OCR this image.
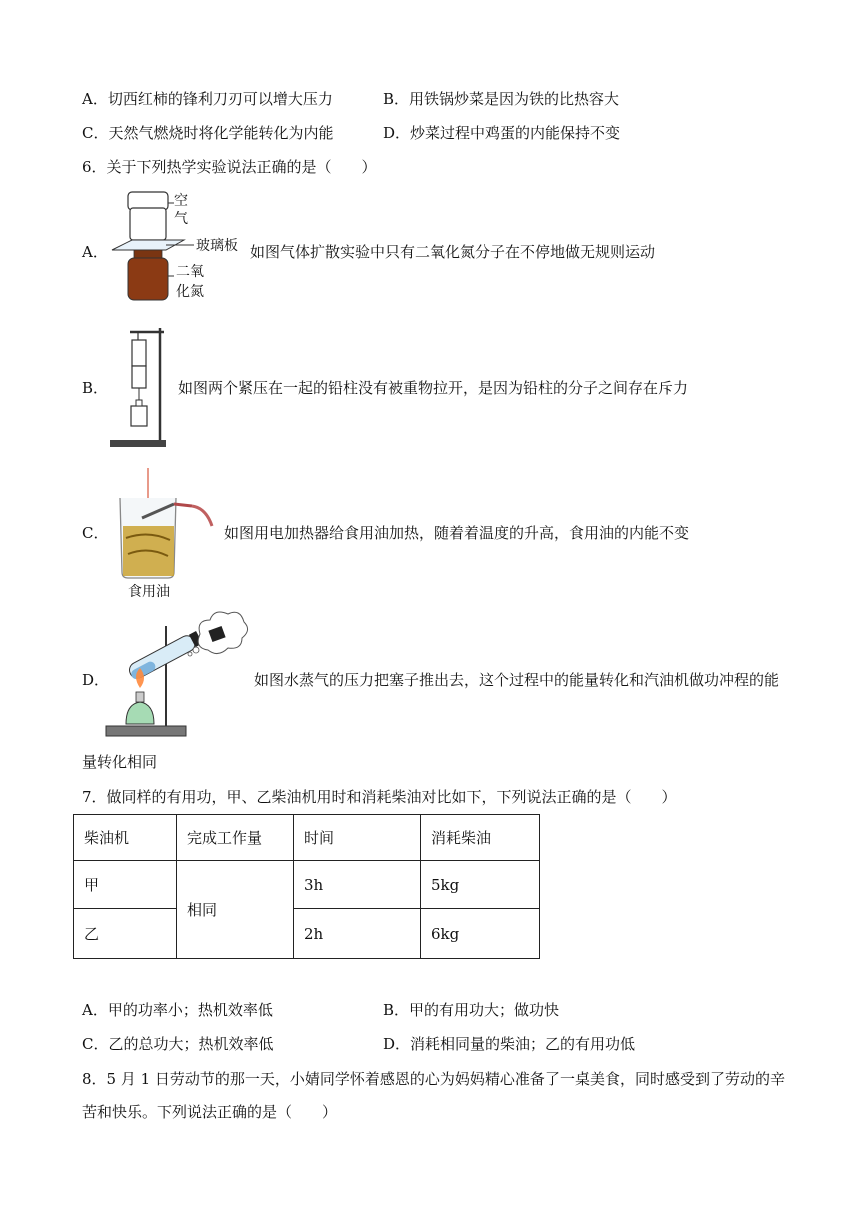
A．切西红柿的锋利刀刃可以增大压力	B．用铁锅炒菜是因为铁的比热容大
C．天然气燃烧时将化学能转化为内能	D．炒菜过程中鸡蛋的内能保持不变
6．关于下列热学实验说法正确的是（　　）
A．
空
气
玻璃板
二氧
化氮
如图气体扩散实验中只有二氧化氮分子在不停地做无规则运动
B．	如图两个紧压在一起的铅柱没有被重物拉开，是因为铅柱的分子之间存在斥力
C．
食用油
如图用电加热器给食用油加热，随着着温度的升高，食用油的内能不变
D．	如图水蒸气的压力把塞子推出去，这个过程中的能量转化和汽油机做功冲程的能
量转化相同
7．做同样的有用功，甲、乙柴油机用时和消耗柴油对比如下，下列说法正确的是（　　）
柴油机	完成工作量	时间	消耗柴油
甲	相同	3h	5kg
乙		2h	6kg
A．甲的功率小；热机效率低	B．甲的有用功大；做功快
C．乙的总功大；热机效率低	D．消耗相同量的柴油；乙的有用功低
8．5 月 1 日劳动节的那一天，小婧同学怀着感恩的心为妈妈精心准备了一桌美食，同时感受到了劳动的辛
苦和快乐。下列说法正确的是（　　）
